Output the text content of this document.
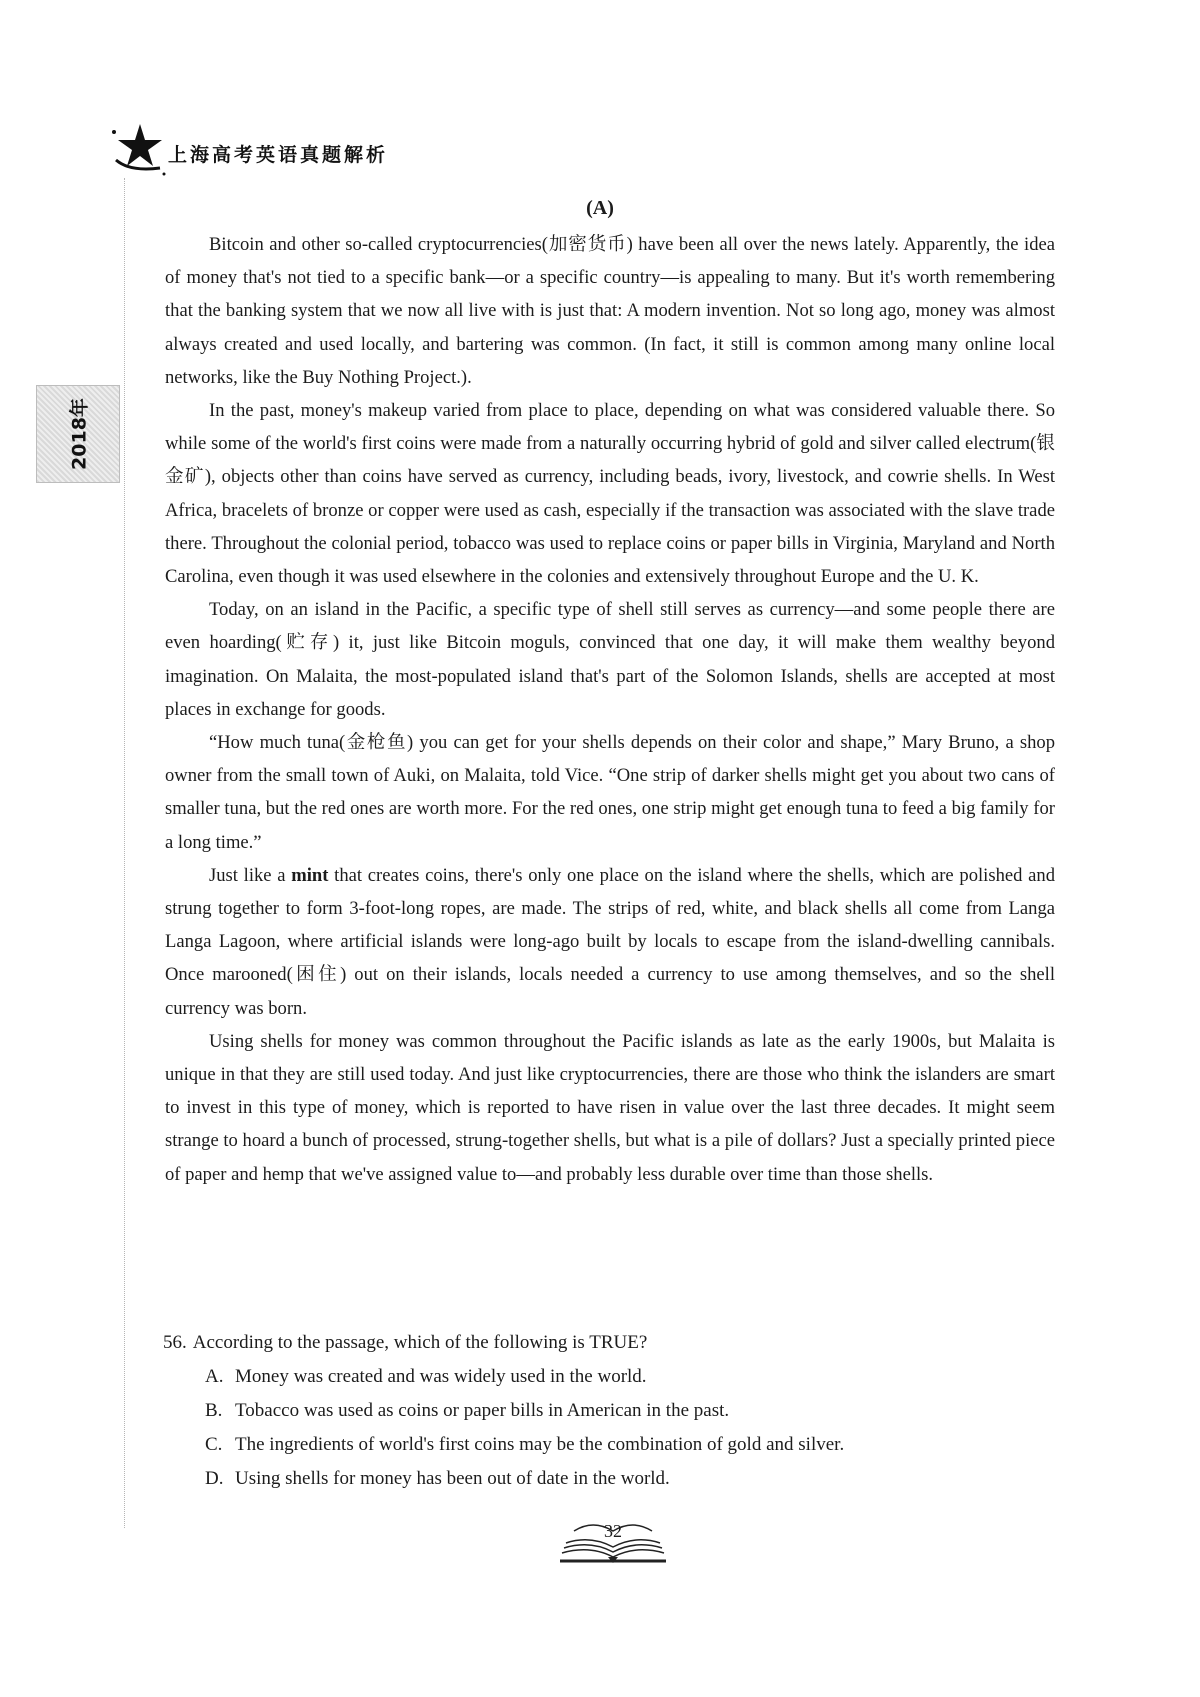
上海高考英语真题解析
2018年
(A)

Bitcoin and other so-called cryptocurrencies(加密货币) have been all over the news lately. Apparently, the idea of money that's not tied to a specific bank—or a specific country—is appealing to many. But it's worth remembering that the banking system that we now all live with is just that: A modern invention. Not so long ago, money was almost always created and used locally, and bartering was common. (In fact, it still is common among many online local networks, like the Buy Nothing Project.).

In the past, money's makeup varied from place to place, depending on what was considered valuable there. So while some of the world's first coins were made from a naturally occurring hybrid of gold and silver called electrum(银金矿), objects other than coins have served as currency, including beads, ivory, livestock, and cowrie shells. In West Africa, bracelets of bronze or copper were used as cash, especially if the transaction was associated with the slave trade there. Throughout the colonial period, tobacco was used to replace coins or paper bills in Virginia, Maryland and North Carolina, even though it was used elsewhere in the colonies and extensively throughout Europe and the U. K.

Today, on an island in the Pacific, a specific type of shell still serves as currency—and some people there are even hoarding(贮存) it, just like Bitcoin moguls, convinced that one day, it will make them wealthy beyond imagination. On Malaita, the most-populated island that's part of the Solomon Islands, shells are accepted at most places in exchange for goods.

“How much tuna(金枪鱼) you can get for your shells depends on their color and shape,” Mary Bruno, a shop owner from the small town of Auki, on Malaita, told Vice. “One strip of darker shells might get you about two cans of smaller tuna, but the red ones are worth more. For the red ones, one strip might get enough tuna to feed a big family for a long time.”

Just like a mint that creates coins, there's only one place on the island where the shells, which are polished and strung together to form 3-foot-long ropes, are made. The strips of red, white, and black shells all come from Langa Langa Lagoon, where artificial islands were long-ago built by locals to escape from the island-dwelling cannibals. Once marooned(困住) out on their islands, locals needed a currency to use among themselves, and so the shell currency was born.

Using shells for money was common throughout the Pacific islands as late as the early 1900s, but Malaita is unique in that they are still used today. And just like cryptocurrencies, there are those who think the islanders are smart to invest in this type of money, which is reported to have risen in value over the last three decades. It might seem strange to hoard a bunch of processed, strung-together shells, but what is a pile of dollars? Just a specially printed piece of paper and hemp that we've assigned value to—and probably less durable over time than those shells.

56. According to the passage, which of the following is TRUE?
A. Money was created and was widely used in the world.
B. Tobacco was used as coins or paper bills in American in the past.
C. The ingredients of world's first coins may be the combination of gold and silver.
D. Using shells for money has been out of date in the world.
32
